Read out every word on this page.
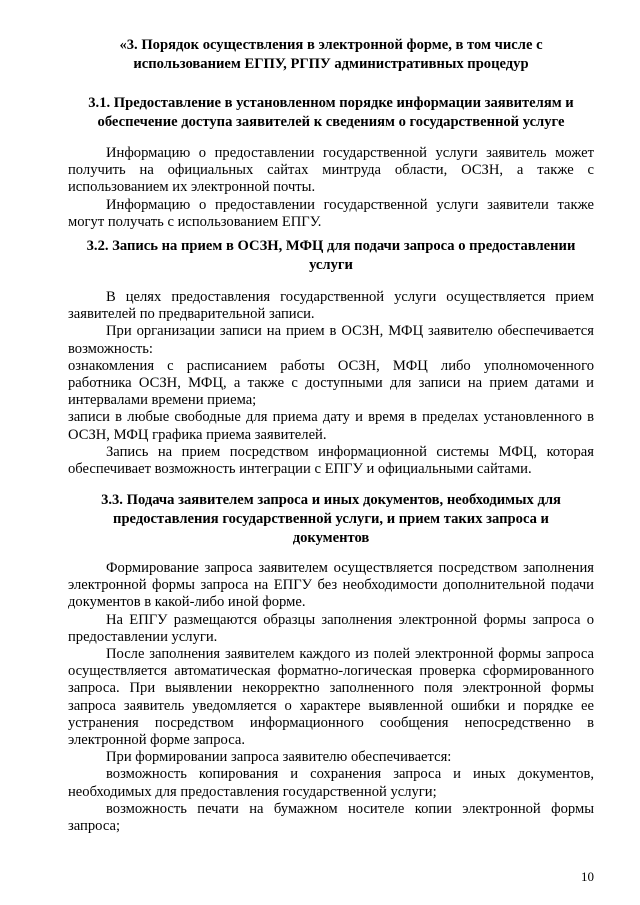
«3. Порядок осуществления в электронной форме, в том числе с
использованием ЕГПУ, РГПУ административных процедур
3.1. Предоставление в установленном порядке информации заявителям и
обеспечение доступа заявителей к сведениям о государственной услуге

Информацию о предоставлении государственной услуги заявитель может получить на официальных сайтах минтруда области, ОСЗН, а также с использованием их электронной почты.

Информацию о предоставлении государственной услуги заявители также могут получать с использованием ЕПГУ.

3.2. Запись на прием в ОСЗН, МФЦ для подачи запроса о предоставлении
услуги

В целях предоставления государственной услуги осуществляется прием заявителей по предварительной записи.

При организации записи на прием в ОСЗН, МФЦ заявителю обеспечивается возможность:

ознакомления с расписанием работы ОСЗН, МФЦ либо уполномоченного работника ОСЗН, МФЦ, а также с доступными для записи на прием датами и интервалами времени приема;

записи в любые свободные для приема дату и время в пределах установленного в ОСЗН, МФЦ графика приема заявителей.

Запись на прием посредством информационной системы МФЦ, которая обеспечивает возможность интеграции с ЕПГУ и официальными сайтами.

3.3. Подача заявителем запроса и иных документов, необходимых для
предоставления государственной услуги, и прием таких запроса и
документов

Формирование запроса заявителем осуществляется посредством заполнения электронной формы запроса на ЕПГУ без необходимости дополнительной подачи документов в какой-либо иной форме.

На ЕПГУ размещаются образцы заполнения электронной формы запроса о предоставлении услуги.

После заполнения заявителем каждого из полей электронной формы запроса осуществляется автоматическая форматно-логическая проверка сформированного запроса. При выявлении некорректно заполненного поля электронной формы запроса заявитель уведомляется о характере выявленной ошибки и порядке ее устранения посредством информационного сообщения непосредственно в электронной форме запроса.

При формировании запроса заявителю обеспечивается:

возможность копирования и сохранения запроса и иных документов, необходимых для предоставления государственной услуги;

возможность печати на бумажном носителе копии электронной формы запроса;

10
